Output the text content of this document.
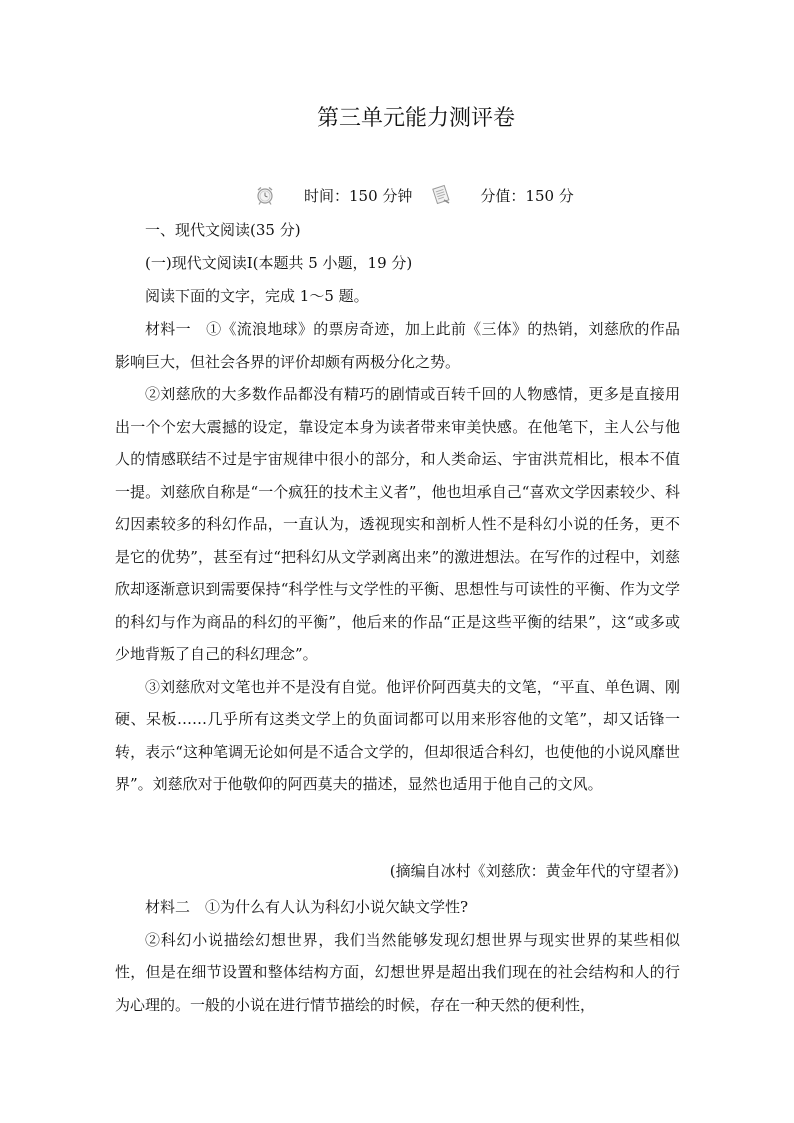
第三单元能力测评卷
时间：150 分钟	分值：150 分
一、现代文阅读(35 分)
(一)现代文阅读Ⅰ(本题共 5 小题，19 分)
阅读下面的文字，完成 1～5 题。

材料一　①《流浪地球》的票房奇迹，加上此前《三体》的热销，刘慈欣的作品影响巨大，但社会各界的评价却颇有两极分化之势。

②刘慈欣的大多数作品都没有精巧的剧情或百转千回的人物感情，更多是直接用出一个个宏大震撼的设定，靠设定本身为读者带来审美快感。在他笔下，主人公与他人的情感联结不过是宇宙规律中很小的部分，和人类命运、宇宙洪荒相比，根本不值一提。刘慈欣自称是“一个疯狂的技术主义者”，他也坦承自己“喜欢文学因素较少、科幻因素较多的科幻作品，一直认为，透视现实和剖析人性不是科幻小说的任务，更不是它的优势”，甚至有过“把科幻从文学剥离出来”的激进想法。在写作的过程中，刘慈欣却逐渐意识到需要保持“科学性与文学性的平衡、思想性与可读性的平衡、作为文学的科幻与作为商品的科幻的平衡”，他后来的作品“正是这些平衡的结果”，这“或多或少地背叛了自己的科幻理念”。

③刘慈欣对文笔也并不是没有自觉。他评价阿西莫夫的文笔，“平直、单色调、刚硬、呆板……几乎所有这类文学上的负面词都可以用来形容他的文笔”，却又话锋一转，表示“这种笔调无论如何是不适合文学的，但却很适合科幻，也使他的小说风靡世界”。刘慈欣对于他敬仰的阿西莫夫的描述，显然也适用于他自己的文风。

(摘编自冰村《刘慈欣：黄金年代的守望者》)

材料二　①为什么有人认为科幻小说欠缺文学性?

②科幻小说描绘幻想世界，我们当然能够发现幻想世界与现实世界的某些相似性，但是在细节设置和整体结构方面，幻想世界是超出我们现在的社会结构和人的行为心理的。一般的小说在进行情节描绘的时候，存在一种天然的便利性，
